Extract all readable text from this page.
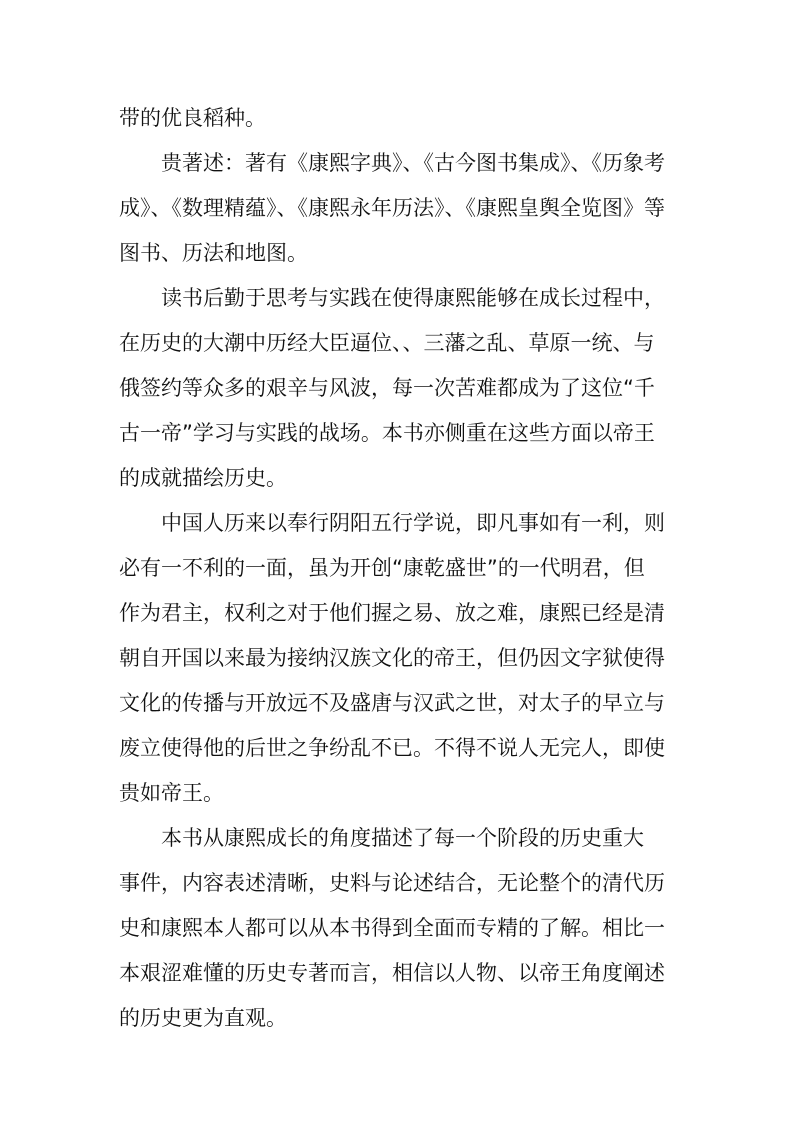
带的优良稻种。
贵著述：著有《康熙字典》、《古今图书集成》、《历象考
成》、《数理精蕴》、《康熙永年历法》、《康熙皇舆全览图》等
图书、历法和地图。
读书后勤于思考与实践在使得康熙能够在成长过程中，
在历史的大潮中历经大臣逼位、、三藩之乱、草原一统、与
俄签约等众多的艰辛与风波，每一次苦难都成为了这位“千
古一帝”学习与实践的战场。本书亦侧重在这些方面以帝王
的成就描绘历史。
中国人历来以奉行阴阳五行学说，即凡事如有一利，则
必有一不利的一面，虽为开创“康乾盛世”的一代明君，但
作为君主，权利之对于他们握之易、放之难，康熙已经是清
朝自开国以来最为接纳汉族文化的帝王，但仍因文字狱使得
文化的传播与开放远不及盛唐与汉武之世，对太子的早立与
废立使得他的后世之争纷乱不已。不得不说人无完人，即使
贵如帝王。
本书从康熙成长的角度描述了每一个阶段的历史重大
事件，内容表述清晰，史料与论述结合，无论整个的清代历
史和康熙本人都可以从本书得到全面而专精的了解。相比一
本艰涩难懂的历史专著而言，相信以人物、以帝王角度阐述
的历史更为直观。
